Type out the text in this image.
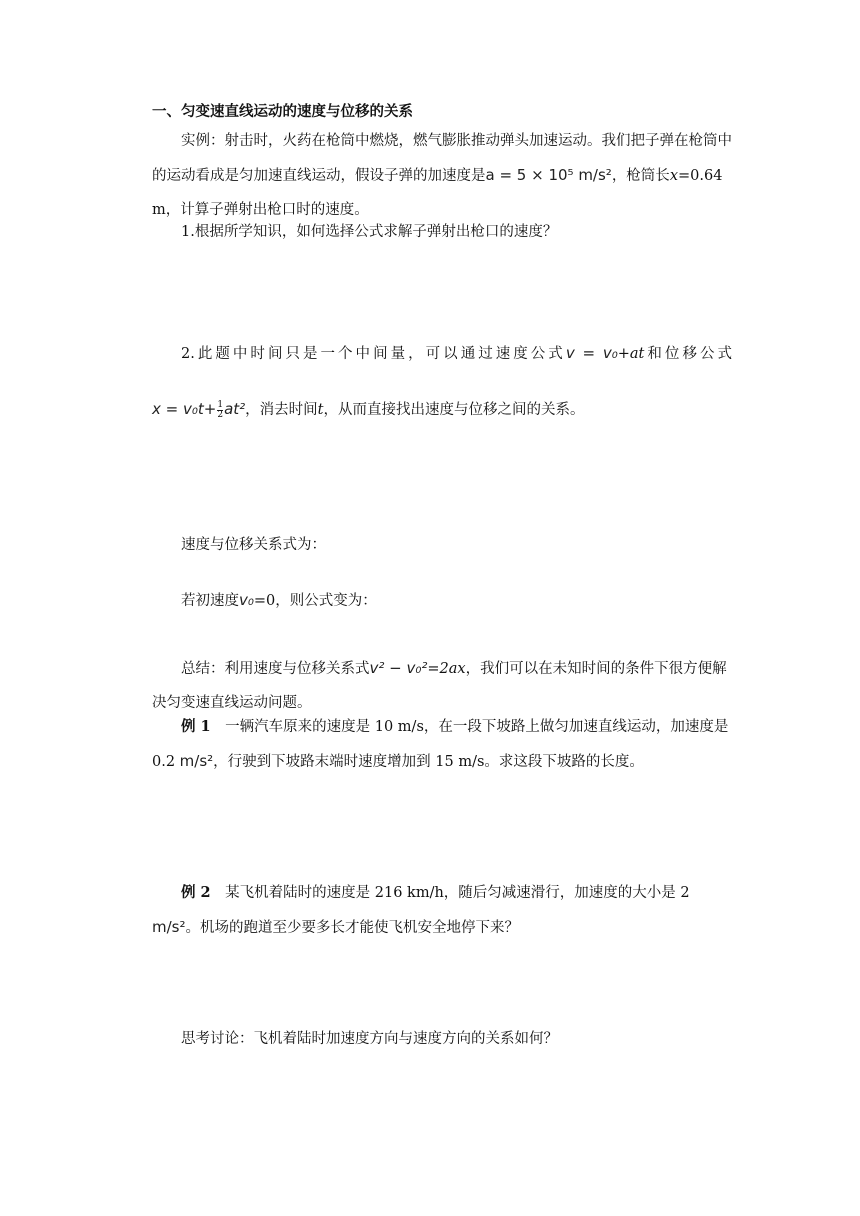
一、匀变速直线运动的速度与位移的关系
实例：射击时，火药在枪筒中燃烧，燃气膨胀推动弹头加速运动。我们把子弹在枪筒中的运动看成是匀加速直线运动，假设子弹的加速度是a = 5 × 10⁵ m/s²，枪筒长x=0.64 m，计算子弹射出枪口时的速度。
1.根据所学知识，如何选择公式求解子弹射出枪口的速度？
2.此题中时间只是一个中间量，可以通过速度公式v = v₀+at和位移公式
$x = v_0t+ \frac{1}{2} at^2$，消去时间t，从而直接找出速度与位移之间的关系。
速度与位移关系式为：
若初速度v₀=0，则公式变为：
总结：利用速度与位移关系式v² − v₀²=2ax，我们可以在未知时间的条件下很方便解决匀变速直线运动问题。
例 1　一辆汽车原来的速度是 10 m/s，在一段下坡路上做匀加速直线运动，加速度是 0.2 m/s²，行驶到下坡路末端时速度增加到 15 m/s。求这段下坡路的长度。
例 2　某飞机着陆时的速度是 216 km/h，随后匀减速滑行，加速度的大小是 2 m/s²。机场的跑道至少要多长才能使飞机安全地停下来？
思考讨论：飞机着陆时加速度方向与速度方向的关系如何？
